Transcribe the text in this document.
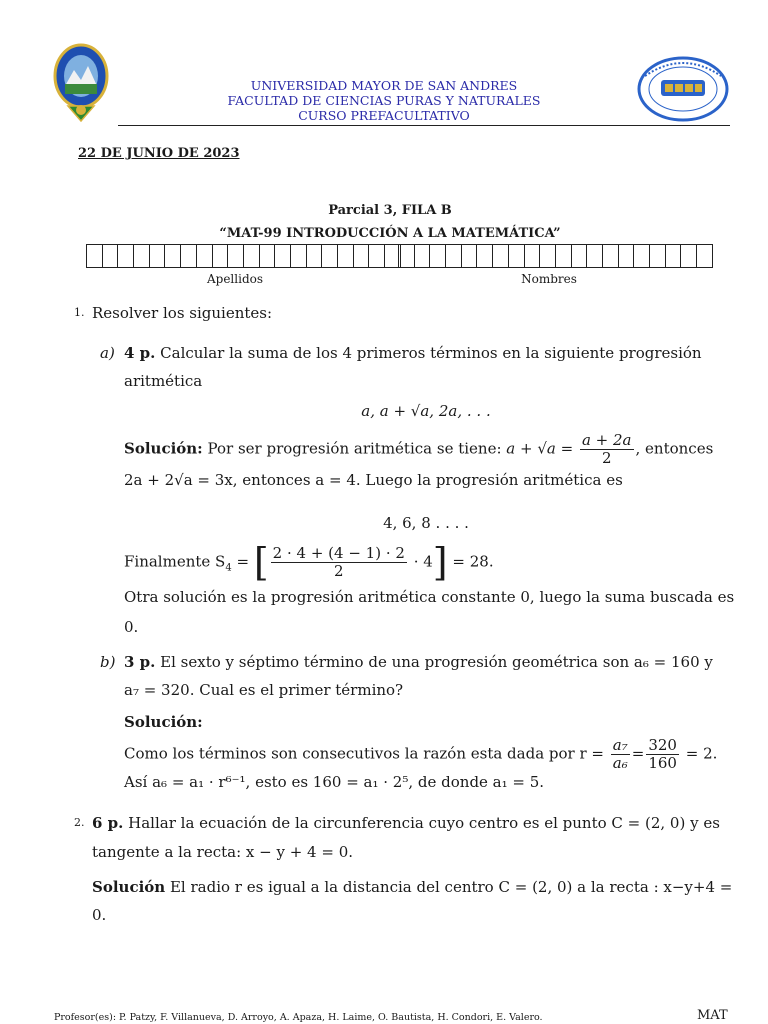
UNIVERSIDAD MAYOR DE SAN ANDRES
FACULTAD DE CIENCIAS PURAS Y NATURALES
CURSO PREFACULTATIVO
22 DE JUNIO DE 2023
Parcial 3, FILA B
“MAT-99 INTRODUCCIÓN A LA MATEMÁTICA”
Apellidos	Nombres
1. Resolver los siguientes:
a) 4 p. Calcular la suma de los 4 primeros términos en la siguiente progresión
aritmética
a, a + √a, 2a, . . .
Solución: Por ser progresión aritmética se tiene: $a + √a = \frac{a + 2a}{2}$ , entonces
2a + 2√a = 3x, entonces a = 4. Luego la progresión aritmética es
4, 6, 8 . . . .
Finalmente $S_4$ = [ $\frac{2 \cdot 4 + (4 - 1) \cdot 2}{2} \cdot 4] = 28$.
Otra solución es la progresión aritmética constante 0, luego la suma buscada es
0.
b) 3 p. El sexto y séptimo término de una progresión geométrica son a₆ = 160 y
a₇ = 320. Cual es el primer término?
Solución:
Como los términos son consecutivos la razón esta dada por $r = \frac{\text{a₇}}{\text{a₆}} = \frac{320}{160} = 2$.
Así a₆ = a₁ · r⁶⁻¹, esto es 160 = a₁ · 2⁵, de donde a₁ = 5.
2. 6 p. Hallar la ecuación de la circunferencia cuyo centro es el punto C = (2, 0) y es
tangente a la recta: x − y + 4 = 0.
Solución El radio r es igual a la distancia del centro C = (2, 0) a la recta : x−y+4 =
0.
Profesor(es): P. Patzy, F. Villanueva, D. Arroyo, A. Apaza, H. Laime, O. Bautista, H. Condori, E. Valero.	MAT
